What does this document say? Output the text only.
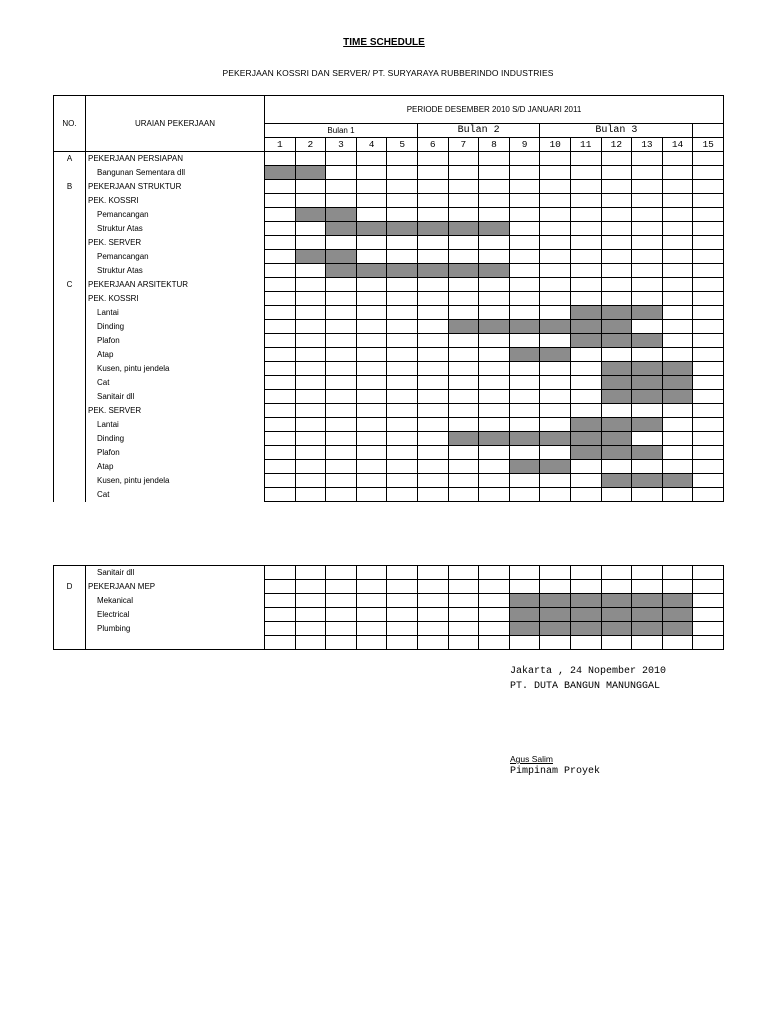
TIME SCHEDULE
PEKERJAAN KOSSRI DAN SERVER/ PT. SURYARAYA RUBBERINDO INDUSTRIES
NO.	URAIAN PEKERJAAN	PERIODE DESEMBER 2010 S/D JANUARI 2011														
		Bulan 1					Bulan 2				Bulan 3					
		1	2	3	4	5	6	7	8	9	10	11	12	13	14	15
A	PEKERJAAN PERSIAPAN															
	Bangunan Sementara dll															
B	PEKERJAAN STRUKTUR															
	PEK. KOSSRI															
	Pemancangan															
	Struktur Atas															
	PEK. SERVER															
	Pemancangan															
	Struktur Atas															
C	PEKERJAAN ARSITEKTUR															
	PEK. KOSSRI															
	Lantai															
	Dinding															
	Plafon															
	Atap															
	Kusen, pintu jendela															
	Cat															
	Sanitair dll															
	PEK. SERVER															
	Lantai															
	Dinding															
	Plafon															
	Atap															
	Kusen, pintu jendela															
	Cat															
	Sanitair dll															
D	PEKERJAAN MEP															
	Mekanical															
	Electrical															
	Plumbing															

Jakarta , 24 Nopember 2010
PT. DUTA BANGUN MANUNGGAL
Agus Salim
Pimpinam Proyek
